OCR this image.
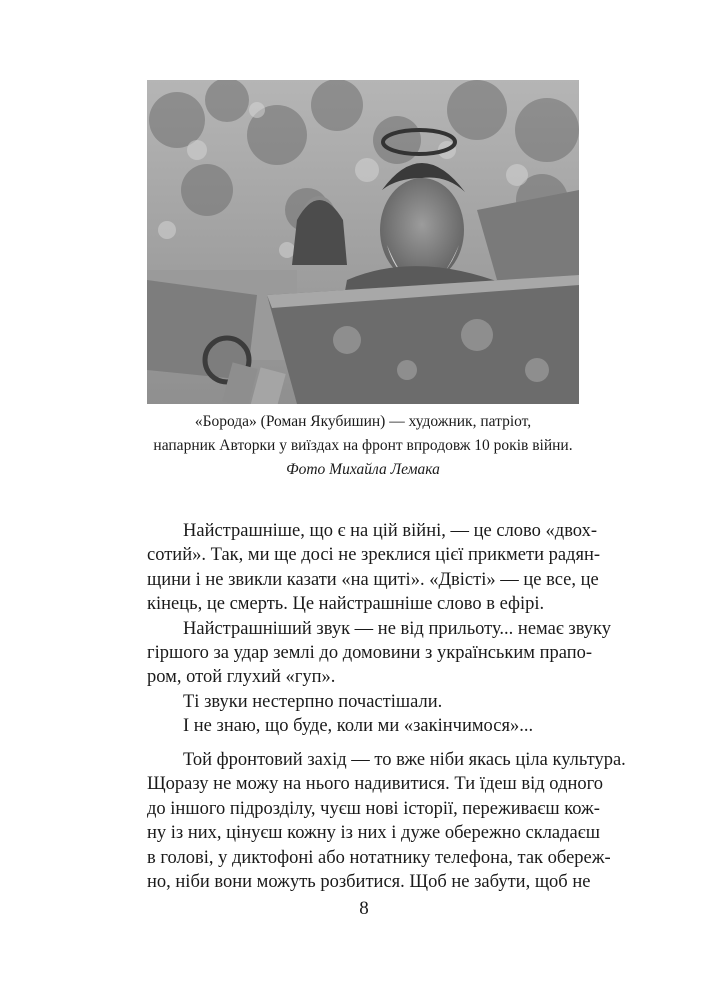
«Борода» (Роман Якубишин) — художник, патріот,
напарник Авторки у виїздах на фронт впродовж 10 років війни.
Фото Михайла Лемака
Найстрашніше, що є на цій війні, — це слово «двох-
сотий». Так, ми ще досі не зреклися цієї прикмети радян-
щини і не звикли казати «на щиті». «Двісті» — це все, це
кінець, це смерть. Це найстрашніше слово в ефірі.
Найстрашніший звук — не від прильоту... немає звуку
гіршого за удар землі до домовини з українським прапо-
ром, отой глухий «гуп».
Ті звуки нестерпно почастішали.
І не знаю, що буде, коли ми «закінчимося»...
Той фронтовий захід — то вже ніби якась ціла культура.
Щоразу не можу на нього надивитися. Ти їдеш від одного
до іншого підрозділу, чуєш нові історії, переживаєш кож-
ну із них, цінуєш кожну із них і дуже обережно складаєш
в голові, у диктофоні або нотатнику телефона, так обереж-
но, ніби вони можуть розбитися. Щоб не забути, щоб не
8
